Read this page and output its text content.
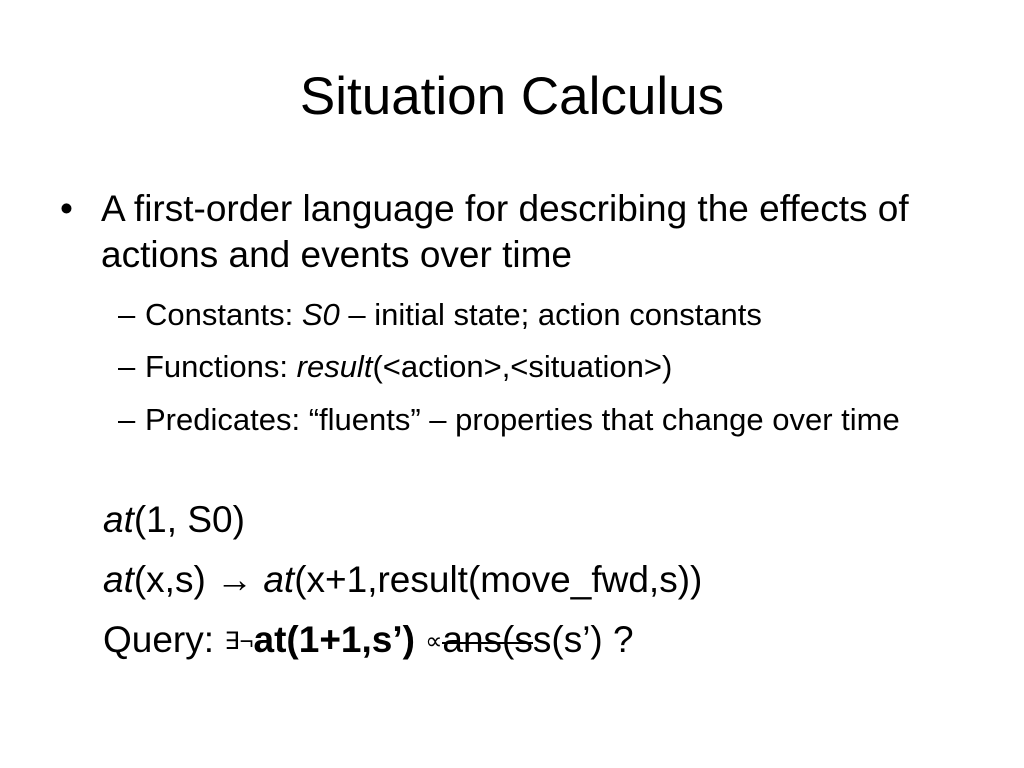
Situation Calculus
• A first-order language for describing the effects of actions and events over time
– Constants: S0 – initial state; action constants
– Functions: result(<action>,<situation>)
– Predicates: “fluents” – properties that change over time
at(1, S0)
at(x,s) → at(x+1,result(move_fwd,s))
Query: ∃¬at(1+1,s’) ∝ans(ss(s’) ?
